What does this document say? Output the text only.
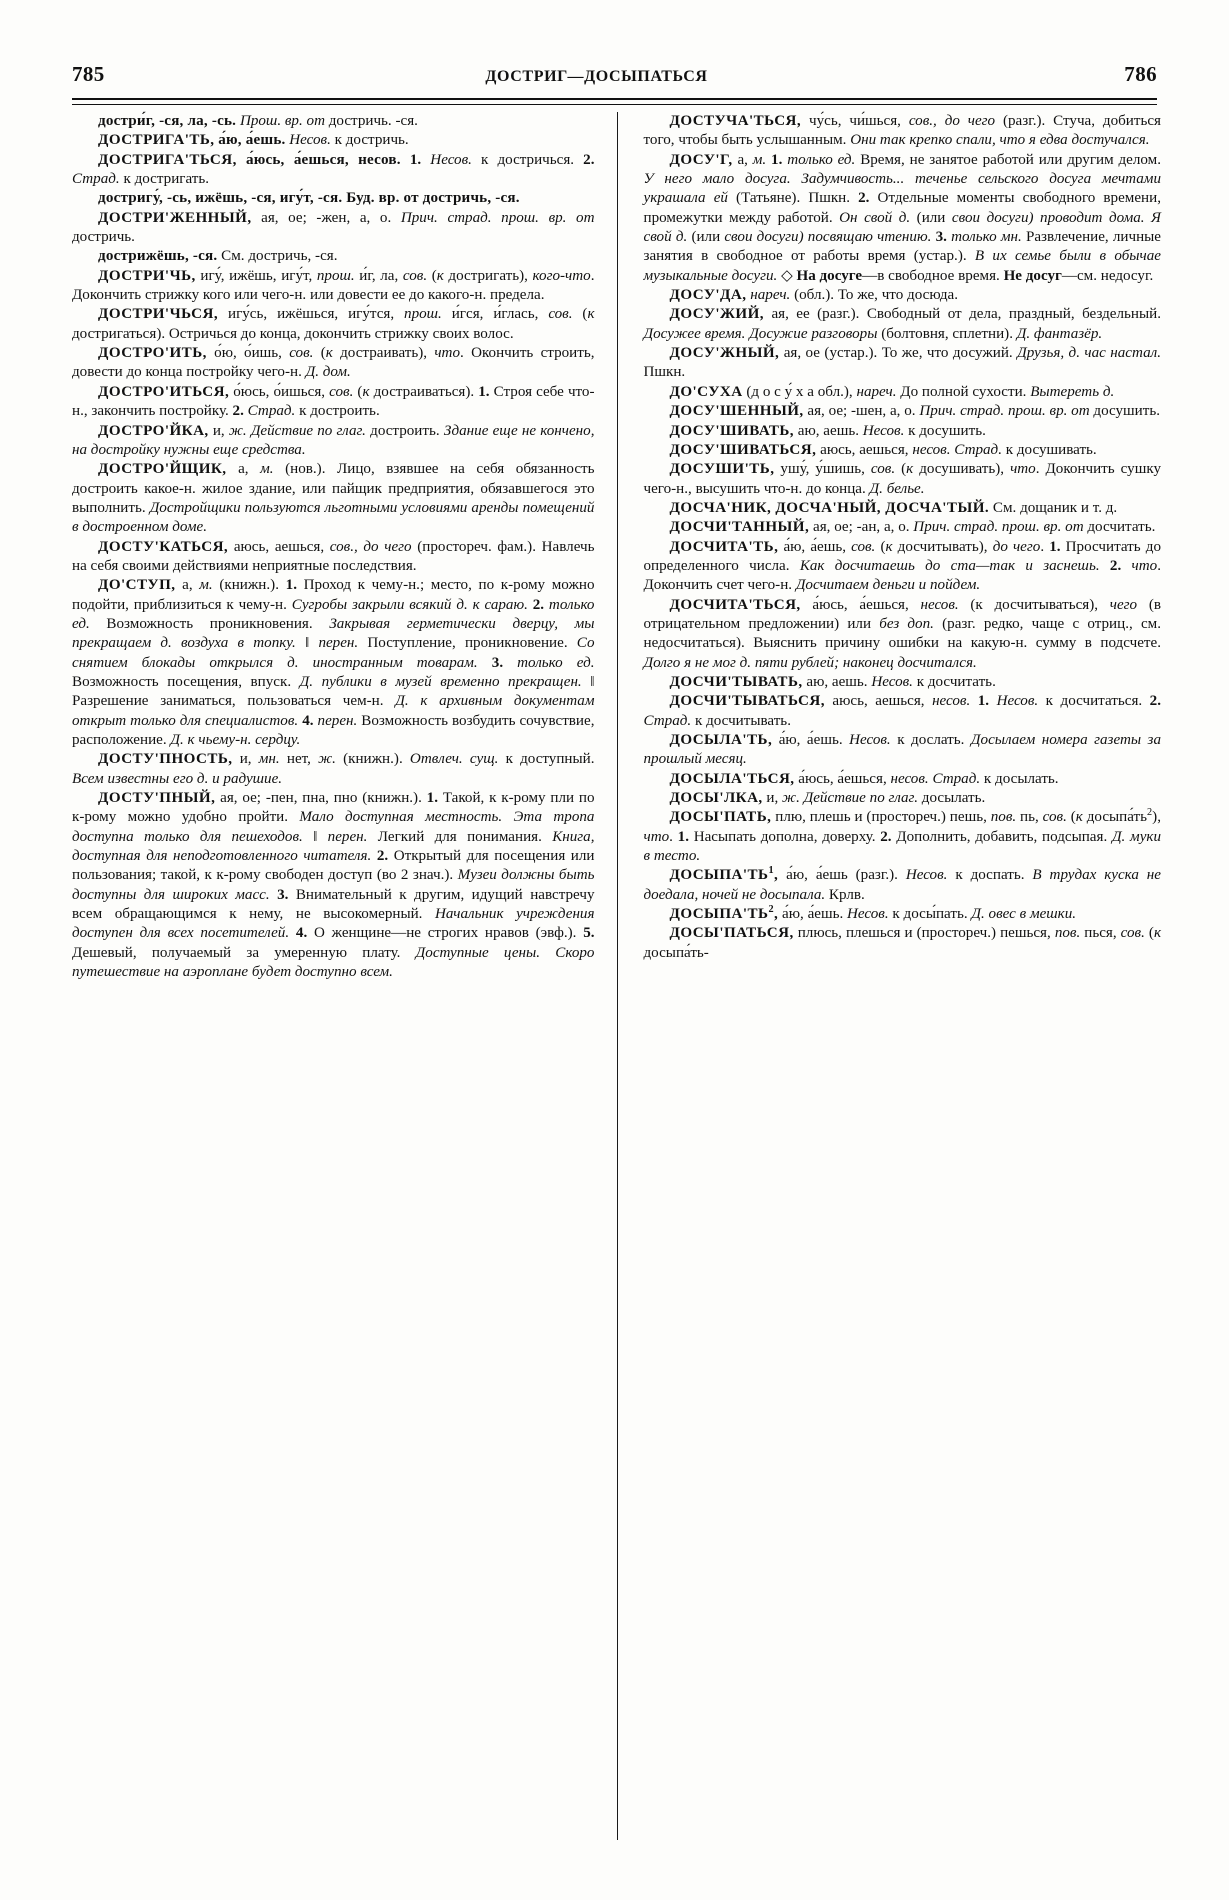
785	ДОСТРИГ—ДОСЫПАТЬСЯ	786

достри́г, -ся, ла, -сь. Прош. вр. от достричь. -ся.

ДОСТРИГА'ТЬ, а́ю, а́ешь. Несов. к достричь.

ДОСТРИГА'ТЬСЯ, а́юсь, а́ешься, несов. 1. Несов. к достричься. 2. Страд. к достригать.

достригу́, -сь, ижёшь, -ся, игу́т, -ся. Буд. вр. от достричь, -ся.

ДОСТРИ'ЖЕННЫЙ, ая, ое; -жен, а, о. Прич. страд. прош. вр. от достричь.

дострижёшь, -ся. См. достричь, -ся.

ДОСТРИ'ЧЬ, игу́, ижёшь, игу́т, прош. и́г, ла, сов. (к достригать), кого-что. Докончить стрижку кого или чего-н. или довести ее до какого-н. предела.

ДОСТРИ'ЧЬСЯ, игу́сь, ижёшься, игу́тся, прош. и́гся, и́глась, сов. (к достригаться). Остричься до конца, докончить стрижку своих волос.

ДОСТРО'ИТЬ, о́ю, о́ишь, сов. (к достраивать), что. Окончить строить, довести до конца постройку чего-н. Д. дом.

ДОСТРО'ИТЬСЯ, о́юсь, о́ишься, сов. (к достраиваться). 1. Строя себе что-н., закончить постройку. 2. Страд. к достроить.

ДОСТРО'ЙКА, и, ж. Действие по глаг. достроить. Здание еще не кончено, на достройку нужны еще средства.

ДОСТРО'ЙЩИК, а, м. (нов.). Лицо, взявшее на себя обязанность достроить какое-н. жилое здание, или пайщик предприятия, обязавшегося это выполнить. Достройщики пользуются льготными условиями аренды помещений в достроенном доме.

ДОСТУ'КАТЬСЯ, аюсь, аешься, сов., до чего (простореч. фам.). Навлечь на себя своими действиями неприятные последствия.

ДО'СТУП, а, м. (книжн.). 1. Проход к чему-н.; место, по к-рому можно подойти, приблизиться к чему-н. Сугробы закрыли всякий д. к сараю. 2. только ед. Возможность проникновения. Закрывая герметически дверцу, мы прекращаем д. воздуха в топку. ‖ перен. Поступление, проникновение. Со снятием блокады открылся д. иностранным товарам. 3. только ед. Возможность посещения, впуск. Д. публики в музей временно прекращен. ‖ Разрешение заниматься, пользоваться чем-н. Д. к архивным документам открыт только для специалистов. 4. перен. Возможность возбудить сочувствие, расположение. Д. к чьему-н. сердцу.

ДОСТУ'ПНОСТЬ, и, мн. нет, ж. (книжн.). Отвлеч. сущ. к доступный. Всем известны его д. и радушие.

ДОСТУ'ПНЫЙ, ая, ое; -пен, пна, пно (книжн.). 1. Такой, к к-рому пли по к-рому можно удобно пройти. Мало доступная местность. Эта тропа доступна только для пешеходов. ‖ перен. Легкий для понимания. Книга, доступная для неподготовленного читателя. 2. Открытый для посещения или пользования; такой, к к-рому свободен доступ (во 2 знач.). Музеи должны быть доступны для широких масс. 3. Внимательный к другим, идущий навстречу всем обращающимся к нему, не высокомерный. Начальник учреждения доступен для всех посетителей. 4. О женщине—не строгих нравов (эвф.). 5. Дешевый, получаемый за умеренную плату. Доступные цены. Скоро путешествие на аэроплане будет доступно всем.

ДОСТУЧА'ТЬСЯ, чу́сь, чи́шься, сов., до чего (разг.). Стуча, добиться того, чтобы быть услышанным. Они так крепко спали, что я едва достучался.

ДОСУ'Г, а, м. 1. только ед. Время, не занятое работой или другим делом. У него мало досуга. Задумчивость... теченье сельского досуга мечтами украшала ей (Татьяне). Пшкн. 2. Отдельные моменты свободного времени, промежутки между работой. Он свой д. (или свои досуги) проводит дома. Я свой д. (или свои досуги) посвящаю чтению. 3. только мн. Развлечение, личные занятия в свободное от работы время (устар.). В их семье были в обычае музыкальные досуги. ◇ На досуге—в свободное время. Не досуг—см. недосуг.

ДОСУ'ДА, нареч. (обл.). То же, что досюда.

ДОСУ'ЖИЙ, ая, ее (разг.). Свободный от дела, праздный, бездельный. Досужее время. Досужие разговоры (болтовня, сплетни). Д. фантазёр.

ДОСУ'ЖНЫЙ, ая, ое (устар.). То же, что досужий. Друзья, д. час настал. Пшкн.

ДО'СУХА (д о с у́ х а обл.), нареч. До полной сухости. Вытереть д.

ДОСУ'ШЕННЫЙ, ая, ое; -шен, а, о. Прич. страд. прош. вр. от досушить.

ДОСУ'ШИВАТЬ, аю, аешь. Несов. к досушить.

ДОСУ'ШИВАТЬСЯ, аюсь, аешься, несов. Страд. к досушивать.

ДОСУШИ'ТЬ, ушу́, у́шишь, сов. (к досушивать), что. Докончить сушку чего-н., высушить что-н. до конца. Д. белье.

ДОСЧА'НИК, ДОСЧА'НЫЙ, ДОСЧА'ТЫЙ. См. дощаник и т. д.

ДОСЧИ'ТАННЫЙ, ая, ое; -ан, а, о. Прич. страд. прош. вр. от досчитать.

ДОСЧИТА'ТЬ, а́ю, а́ешь, сов. (к досчитывать), до чего. 1. Просчитать до определенного числа. Как досчитаешь до ста—так и заснешь. 2. что. Докончить счет чего-н. Досчитаем деньги и пойдем.

ДОСЧИТА'ТЬСЯ, а́юсь, а́ешься, несов. (к досчитываться), чего (в отрицательном предложении) или без доп. (разг. редко, чаще с отриц., см. недосчитаться). Выяснить причину ошибки на какую-н. сумму в подсчете. Долго я не мог д. пяти рублей; наконец досчитался.

ДОСЧИ'ТЫВАТЬ, аю, аешь. Несов. к досчитать.

ДОСЧИ'ТЫВАТЬСЯ, аюсь, аешься, несов. 1. Несов. к досчитаться. 2. Страд. к досчитывать.

ДОСЫЛА'ТЬ, а́ю, а́ешь. Несов. к дослать. Досылаем номера газеты за прошлый месяц.

ДОСЫЛА'ТЬСЯ, а́юсь, а́ешься, несов. Страд. к досылать.

ДОСЫ'ЛКА, и, ж. Действие по глаг. досылать.

ДОСЫ'ПАТЬ, плю, плешь и (простореч.) пешь, пов. пь, сов. (к $досыпа́ть^2$), что. 1. Насыпать дополна, доверху. 2. Дополнить, добавить, подсыпая. Д. муки в тесто.

$ДОСЫПА'ТЬ^1$, а́ю, а́ешь (разг.). Несов. к доспать. В трудах куска не доедала, ночей не досыпала. Крлв.

$ДОСЫПА'ТЬ^2$, а́ю, а́ешь. Несов. к досы́пать. Д. овес в мешки.

ДОСЫ'ПАТЬСЯ, плюсь, плешься и (простореч.) пешься, пов. пься, сов. (к досыпа́ть-
